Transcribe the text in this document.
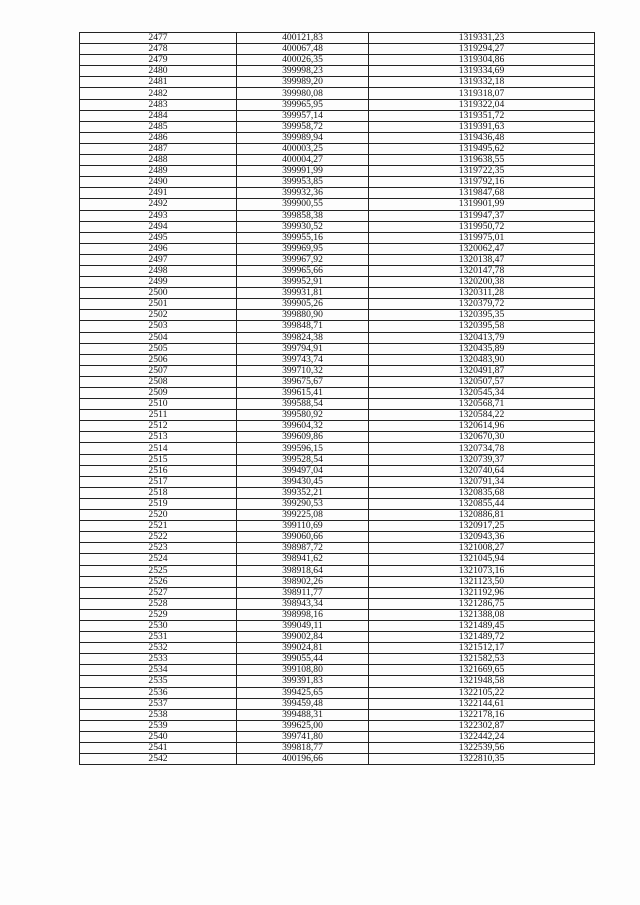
2477	400121,83	1319331,23
2478	400067,48	1319294,27
2479	400026,35	1319304,86
2480	399998,23	1319334,69
2481	399989,20	1319332,18
2482	399980,08	1319318,07
2483	399965,95	1319322,04
2484	399957,14	1319351,72
2485	399958,72	1319391,63
2486	399989,94	1319436,48
2487	400003,25	1319495,62
2488	400004,27	1319638,55
2489	399991,99	1319722,35
2490	399953,85	1319792,16
2491	399932,36	1319847,68
2492	399900,55	1319901,99
2493	399858,38	1319947,37
2494	399930,52	1319950,72
2495	399955,16	1319975,01
2496	399969,95	1320062,47
2497	399967,92	1320138,47
2498	399965,66	1320147,78
2499	399952,91	1320200,38
2500	399931,81	1320311,28
2501	399905,26	1320379,72
2502	399880,90	1320395,35
2503	399848,71	1320395,58
2504	399824,38	1320413,79
2505	399794,91	1320435,89
2506	399743,74	1320483,90
2507	399710,32	1320491,87
2508	399675,67	1320507,57
2509	399615,41	1320545,34
2510	399588,54	1320568,71
2511	399580,92	1320584,22
2512	399604,32	1320614,96
2513	399609,86	1320670,30
2514	399596,15	1320734,78
2515	399528,54	1320739,37
2516	399497,04	1320740,64
2517	399430,45	1320791,34
2518	399352,21	1320835,68
2519	399290,53	1320855,44
2520	399225,08	1320886,81
2521	399110,69	1320917,25
2522	399060,66	1320943,36
2523	398987,72	1321008,27
2524	398941,62	1321045,94
2525	398918,64	1321073,16
2526	398902,26	1321123,50
2527	398911,77	1321192,96
2528	398943,34	1321286,75
2529	398998,16	1321388,08
2530	399049,11	1321489,45
2531	399002,84	1321489,72
2532	399024,81	1321512,17
2533	399055,44	1321582,53
2534	399108,80	1321669,65
2535	399391,83	1321948,58
2536	399425,65	1322105,22
2537	399459,48	1322144,61
2538	399488,31	1322178,16
2539	399625,00	1322302,87
2540	399741,80	1322442,24
2541	399818,77	1322539,56
2542	400196,66	1322810,35
